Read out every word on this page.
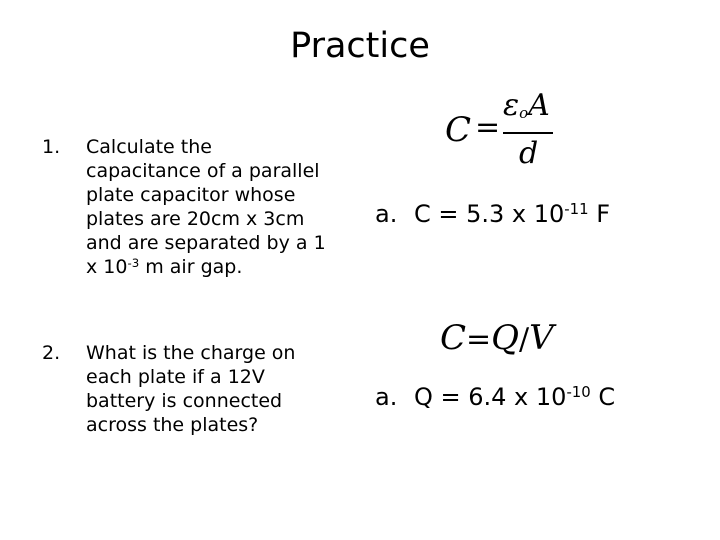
Practice
1. Calculate the
capacitance of a parallel
plate capacitor whose
plates are 20cm x 3cm
and are separated by a 1
x $10^{-3}$ m air gap.
C =
$\varepsilon_oA$
d
a. C = 5.3 x $10^{-11}$ F
2. What is the charge on
each plate if a 12V
battery is connected
across the plates?
C=Q/V
a. Q = 6.4 x $10^{-10}$ C
